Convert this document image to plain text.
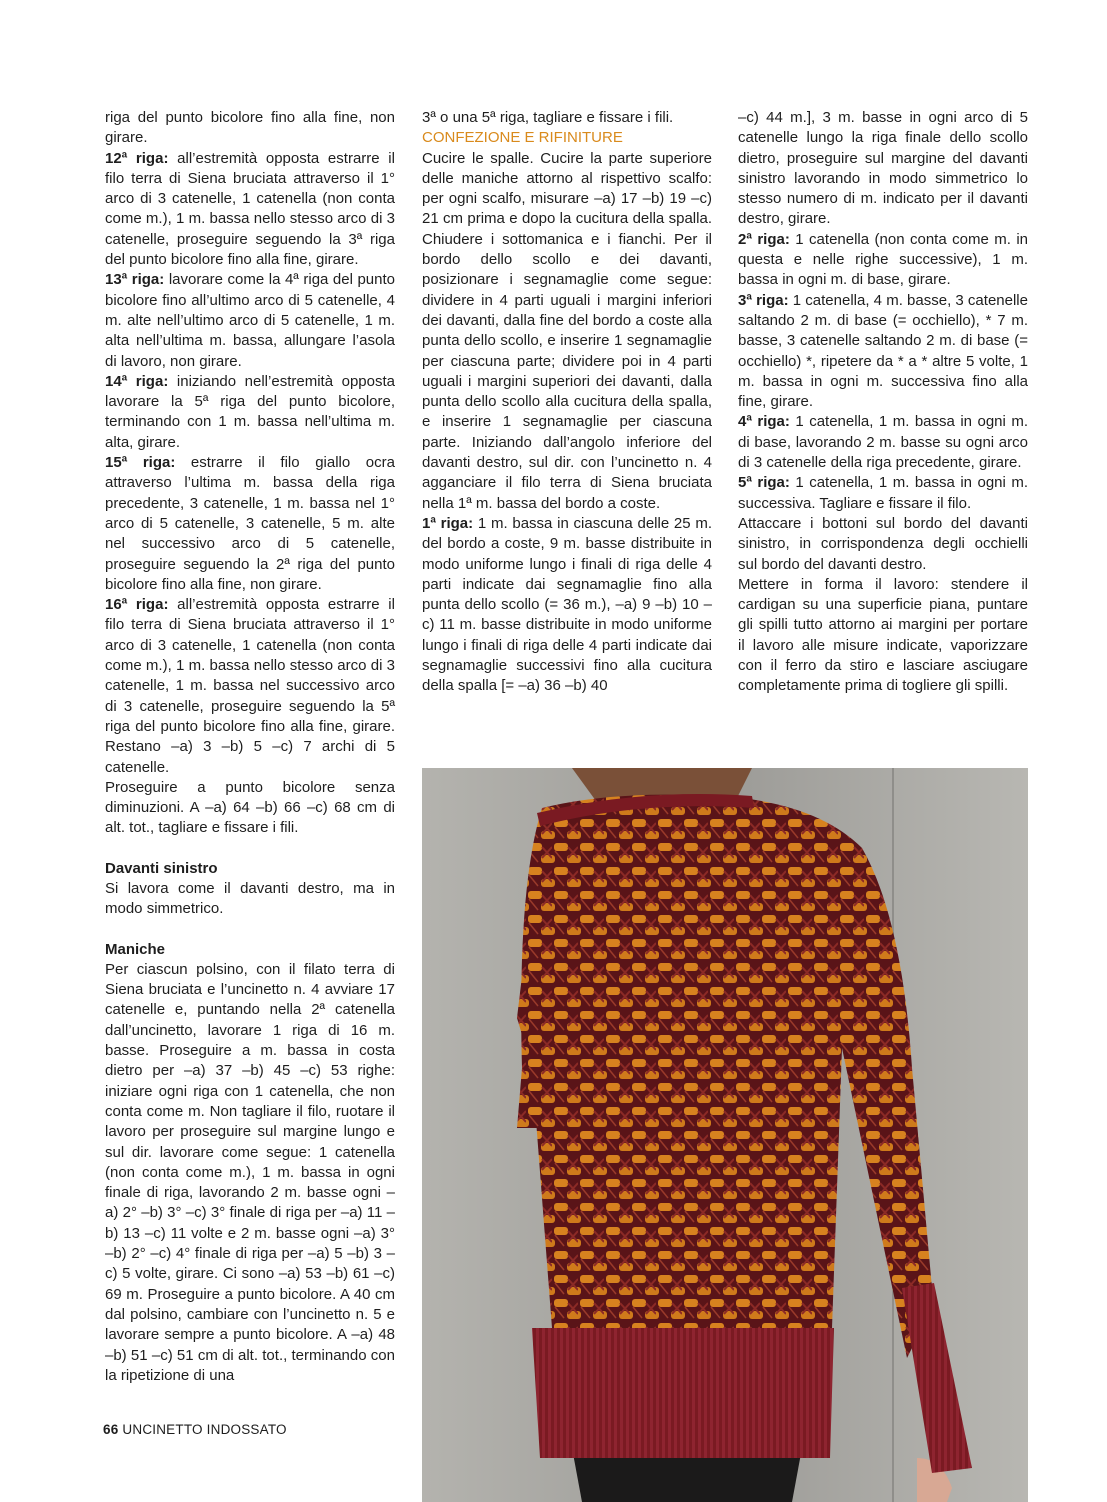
riga del punto bicolore fino alla fine, non girare.

12ª riga: all’estremità opposta estrarre il filo terra di Siena bruciata attraverso il 1° arco di 3 catenelle, 1 catenella (non conta come m.), 1 m. bassa nello stesso arco di 3 catenelle, proseguire seguendo la 3ª riga del punto bicolore fino alla fine, girare.

13ª riga: lavorare come la 4ª riga del punto bicolore fino all’ultimo arco di 5 catenelle, 4 m. alte nell’ultimo arco di 5 catenelle, 1 m. alta nell’ultima m. bassa, allungare l’asola di lavoro, non girare.

14ª riga: iniziando nell’estremità opposta lavorare la 5ª riga del punto bicolore, terminando con 1 m. bassa nell’ultima m. alta, girare.

15ª riga: estrarre il filo giallo ocra attraverso l’ultima m. bassa della riga precedente, 3 catenelle, 1 m. bassa nel 1° arco di 5 catenelle, 3 catenelle, 5 m. alte nel successivo arco di 5 catenelle, proseguire seguendo la 2ª riga del punto bicolore fino alla fine, non girare.

16ª riga: all’estremità opposta estrarre il filo terra di Siena bruciata attraverso il 1° arco di 3 catenelle, 1 catenella (non conta come m.), 1 m. bassa nello stesso arco di 3 catenelle, 1 m. bassa nel successivo arco di 3 catenelle, proseguire seguendo la 5ª riga del punto bicolore fino alla fine, girare. Restano –a) 3 –b) 5 –c) 7 archi di 5 catenelle.

Proseguire a punto bicolore senza diminuzioni. A –a) 64 –b) 66 –c) 68 cm di alt. tot., tagliare e fissare i fili.

Davanti sinistro

Si lavora come il davanti destro, ma in modo simmetrico.

Maniche

Per ciascun polsino, con il filato terra di Siena bruciata e l’uncinetto n. 4 avviare 17 catenelle e, puntando nella 2ª catenella dall’uncinetto, lavorare 1 riga di 16 m. basse. Proseguire a m. bassa in costa dietro per –a) 37 –b) 45 –c) 53 righe: iniziare ogni riga con 1 catenella, che non conta come m. Non tagliare il filo, ruotare il lavoro per proseguire sul margine lungo e sul dir. lavorare come segue: 1 catenella (non conta come m.), 1 m. bassa in ogni finale di riga, lavorando 2 m. basse ogni –a) 2° –b) 3° –c) 3° finale di riga per –a) 11 –b) 13 –c) 11 volte e 2 m. basse ogni –a) 3° –b) 2° –c) 4° finale di riga per –a) 5 –b) 3 –c) 5 volte, girare. Ci sono –a) 53 –b) 61 –c) 69 m. Proseguire a punto bicolore. A 40 cm dal polsino, cambiare con l’uncinetto n. 5 e lavorare sempre a punto bicolore. A –a) 48 –b) 51 –c) 51 cm di alt. tot., terminando con la ripetizione di una

3ª o una 5ª riga, tagliare e fissare i fili.

CONFEZIONE E RIFINITURE

Cucire le spalle. Cucire la parte superiore delle maniche attorno al rispettivo scalfo: per ogni scalfo, misurare –a) 17 –b) 19 –c) 21 cm prima e dopo la cucitura della spalla. Chiudere i sottomanica e i fianchi. Per il bordo dello scollo e dei davanti, posizionare i segnamaglie come segue: dividere in 4 parti uguali i margini inferiori dei davanti, dalla fine del bordo a coste alla punta dello scollo, e inserire 1 segnamaglie per ciascuna parte; dividere poi in 4 parti uguali i margini superiori dei davanti, dalla punta dello scollo alla cucitura della spalla, e inserire 1 segnamaglie per ciascuna parte. Iniziando dall’angolo inferiore del davanti destro, sul dir. con l’uncinetto n. 4 agganciare il filo terra di Siena bruciata nella 1ª m. bassa del bordo a coste.

1ª riga: 1 m. bassa in ciascuna delle 25 m. del bordo a coste, 9 m. basse distribuite in modo uniforme lungo i finali di riga delle 4 parti indicate dai segnamaglie fino alla punta dello scollo (= 36 m.), –a) 9 –b) 10 –c) 11 m. basse distribuite in modo uniforme lungo i finali di riga delle 4 parti indicate dai segnamaglie successivi fino alla cucitura della spalla [= –a) 36 –b) 40

–c) 44 m.], 3 m. basse in ogni arco di 5 catenelle lungo la riga finale dello scollo dietro, proseguire sul margine del davanti sinistro lavorando in modo simmetrico lo stesso numero di m. indicato per il davanti destro, girare.

2ª riga: 1 catenella (non conta come m. in questa e nelle righe successive), 1 m. bassa in ogni m. di base, girare.

3ª riga: 1 catenella, 4 m. basse, 3 catenelle saltando 2 m. di base (= occhiello), * 7 m. basse, 3 catenelle saltando 2 m. di base (= occhiello) *, ripetere da * a * altre 5 volte, 1 m. bassa in ogni m. successiva fino alla fine, girare.

4ª riga: 1 catenella, 1 m. bassa in ogni m. di base, lavorando 2 m. basse su ogni arco di 3 catenelle della riga precedente, girare.

5ª riga: 1 catenella, 1 m. bassa in ogni m. successiva. Tagliare e fissare il filo.

Attaccare i bottoni sul bordo del davanti sinistro, in corrispondenza degli occhielli sul bordo del davanti destro.

Mettere in forma il lavoro: stendere il cardigan su una superficie piana, puntare gli spilli tutto attorno ai margini per portare il lavoro alle misure indicate, vaporizzare con il ferro da stiro e lasciare asciugare completamente prima di togliere gli spilli.

66 UNCINETTO INDOSSATO
